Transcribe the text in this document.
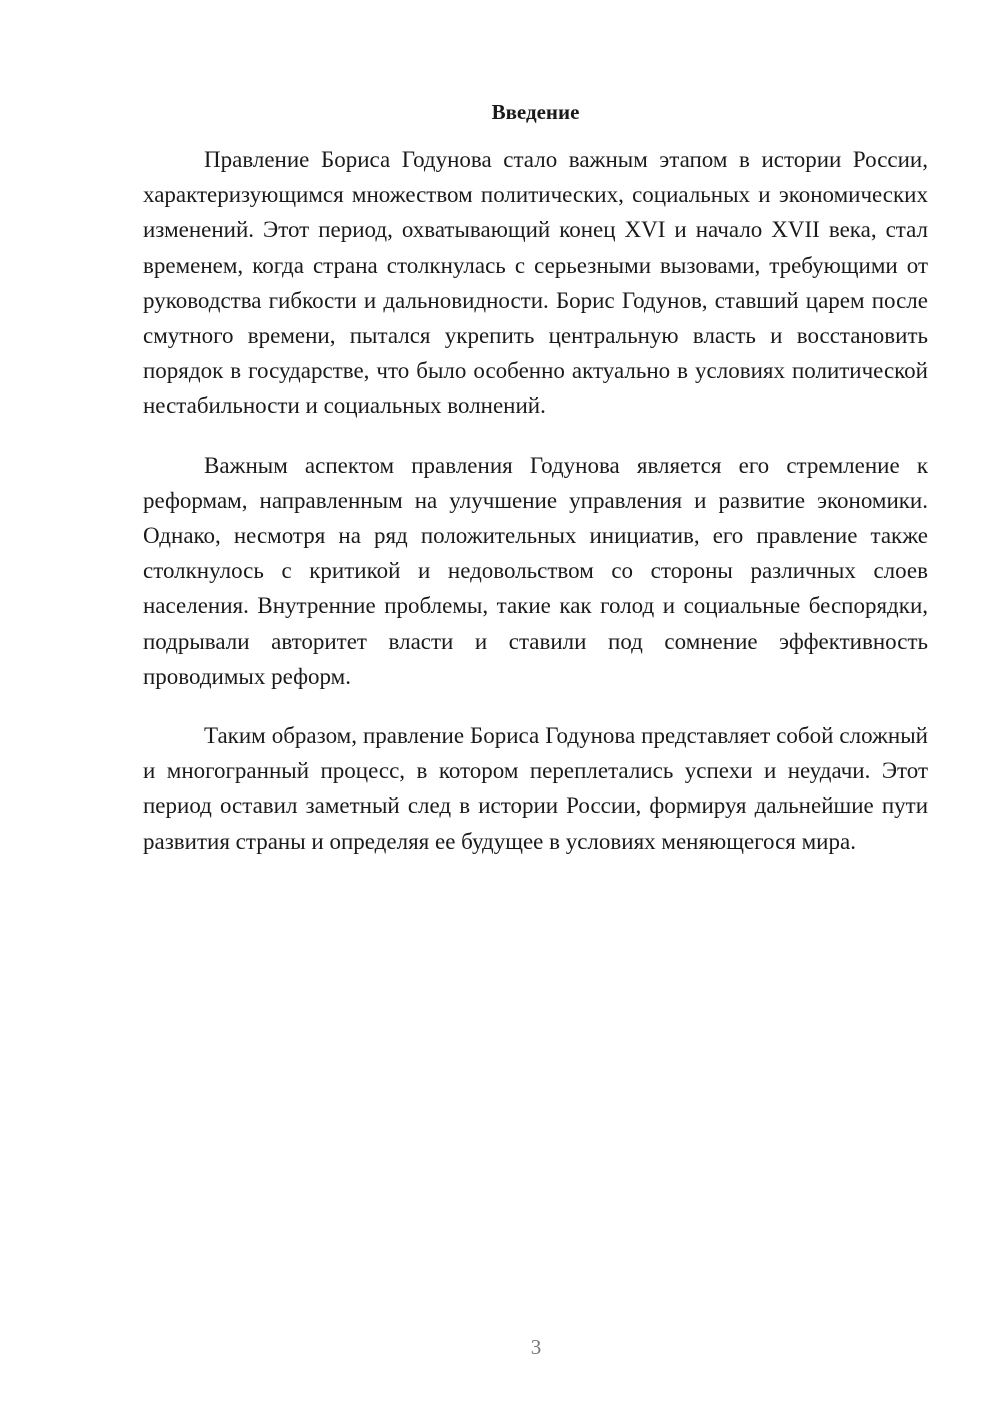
Введение

Правление Бориса Годунова стало важным этапом в истории России, характеризующимся множеством политических, социальных и экономических изменений. Этот период, охватывающий конец XVI и начало XVII века, стал временем, когда страна столкнулась с серьезными вызовами, требующими от руководства гибкости и дальновидности. Борис Годунов, ставший царем после смутного времени, пытался укрепить центральную власть и восстановить порядок в государстве, что было особенно актуально в условиях политической нестабильности и социальных волнений.

Важным аспектом правления Годунова является его стремление к реформам, направленным на улучшение управления и развитие экономики. Однако, несмотря на ряд положительных инициатив, его правление также столкнулось с критикой и недовольством со стороны различных слоев населения. Внутренние проблемы, такие как голод и социальные беспорядки, подрывали авторитет власти и ставили под сомнение эффективность проводимых реформ.

Таким образом, правление Бориса Годунова представляет собой сложный и многогранный процесс, в котором переплетались успехи и неудачи. Этот период оставил заметный след в истории России, формируя дальнейшие пути развития страны и определяя ее будущее в условиях меняющегося мира.

3
